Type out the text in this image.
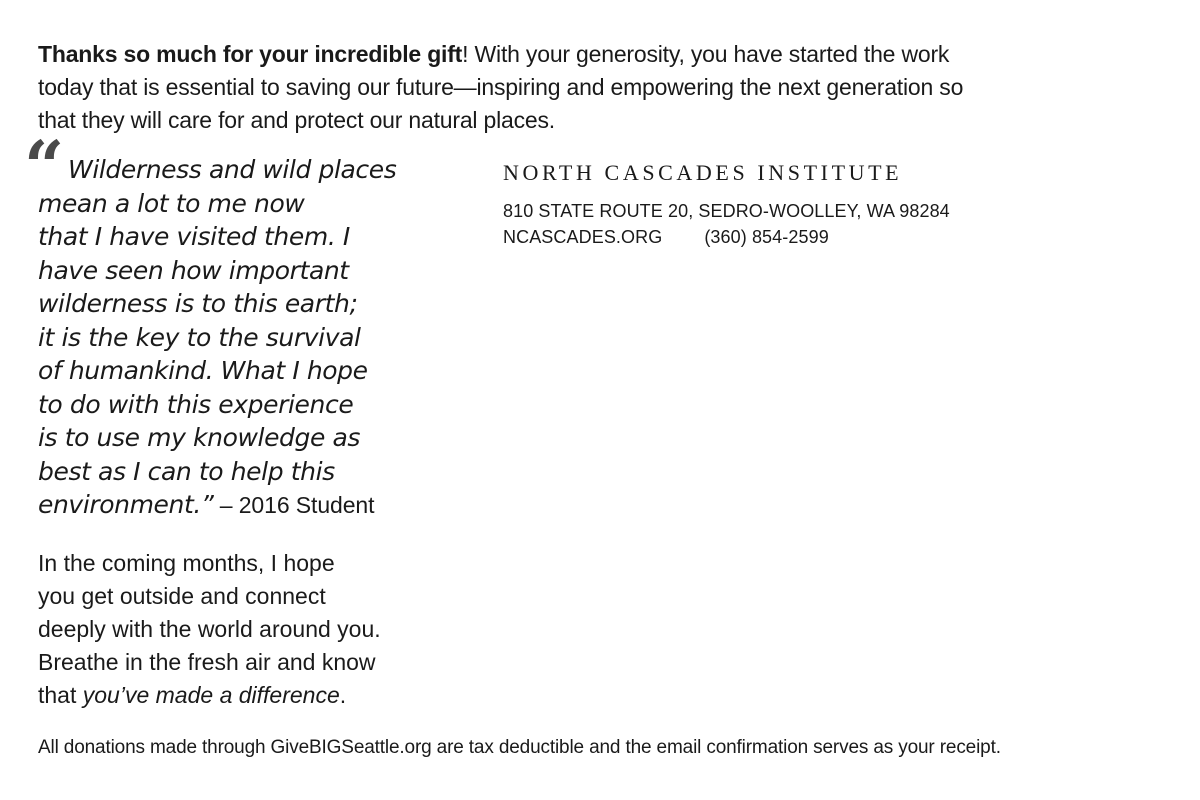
Thanks so much for your incredible gift! With your generosity, you have started the work today that is essential to saving our future—inspiring and empowering the next generation so that they will care for and protect our natural places.

“ Wilderness and wild places
mean a lot to me now
that I have visited them. I
have seen how important
wilderness is to this earth;
it is the key to the survival
of humankind. What I hope
to do with this experience
is to use my knowledge as
best as I can to help this
environment.” – 2016 Student

In the coming months, I hope
you get outside and connect
deeply with the world around you.
Breathe in the fresh air and know
that you’ve made a difference.

NORTH CASCADES INSTITUTE

810 STATE ROUTE 20, SEDRO-WOOLLEY, WA 98284

NCASCADES.ORG (360) 854-2599

All donations made through GiveBIGSeattle.org are tax deductible and the email confirmation serves as your receipt.
